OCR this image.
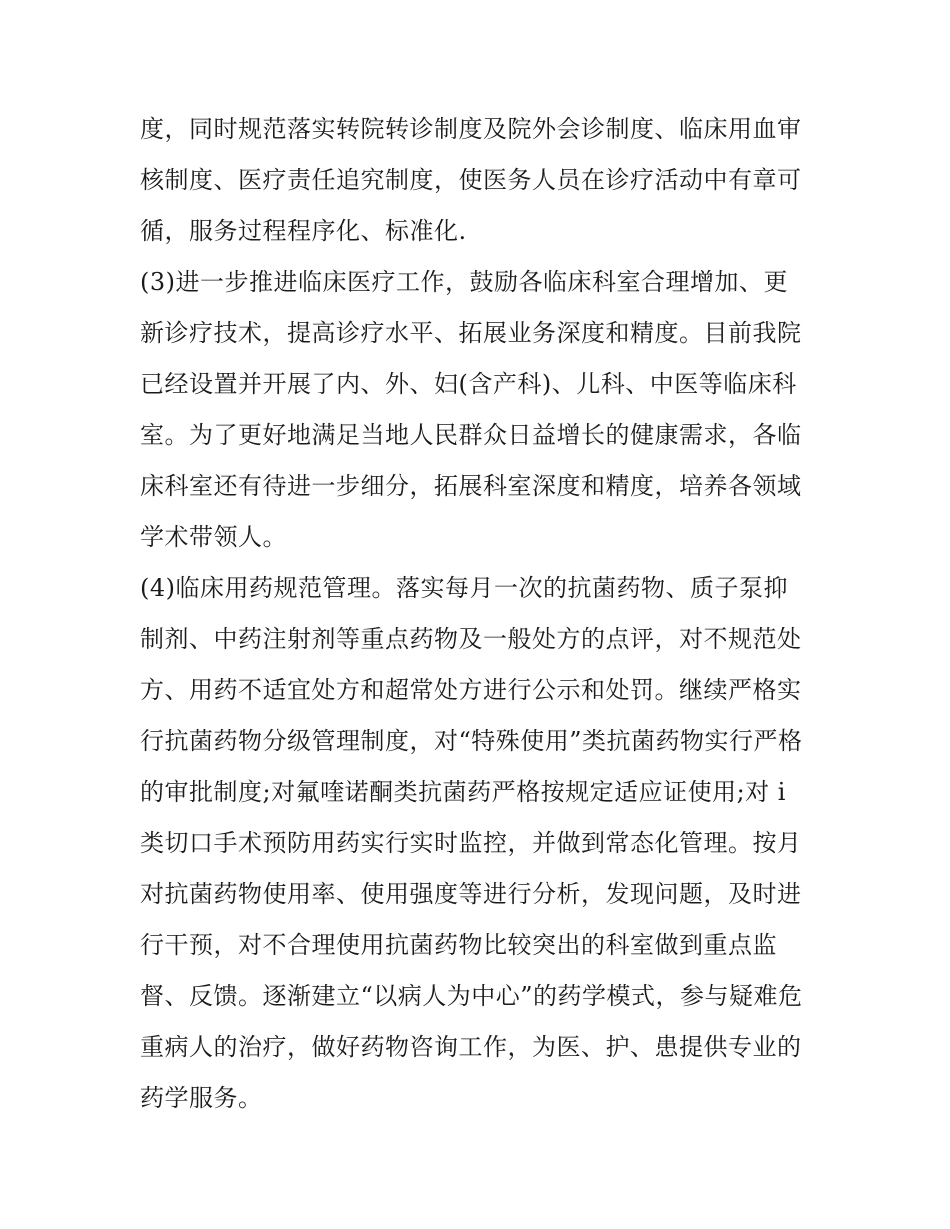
度，同时规范落实转院转诊制度及院外会诊制度、临床用血审
核制度、医疗责任追究制度，使医务人员在诊疗活动中有章可
循，服务过程程序化、标准化.
(3)进一步推进临床医疗工作，鼓励各临床科室合理增加、更
新诊疗技术，提高诊疗水平、拓展业务深度和精度。目前我院
已经设置并开展了内、外、妇(含产科)、儿科、中医等临床科
室。为了更好地满足当地人民群众日益增长的健康需求，各临
床科室还有待进一步细分，拓展科室深度和精度，培养各领域
学术带领人。
(4)临床用药规范管理。落实每月一次的抗菌药物、质子泵抑
制剂、中药注射剂等重点药物及一般处方的点评，对不规范处
方、用药不适宜处方和超常处方进行公示和处罚。继续严格实
行抗菌药物分级管理制度，对“特殊使用”类抗菌药物实行严格
的审批制度;对氟喹诺酮类抗菌药严格按规定适应证使用;对 i
类切口手术预防用药实行实时监控，并做到常态化管理。按月
对抗菌药物使用率、使用强度等进行分析，发现问题，及时进
行干预，对不合理使用抗菌药物比较突出的科室做到重点监
督、反馈。逐渐建立“以病人为中心”的药学模式，参与疑难危
重病人的治疗，做好药物咨询工作，为医、护、患提供专业的
药学服务。
